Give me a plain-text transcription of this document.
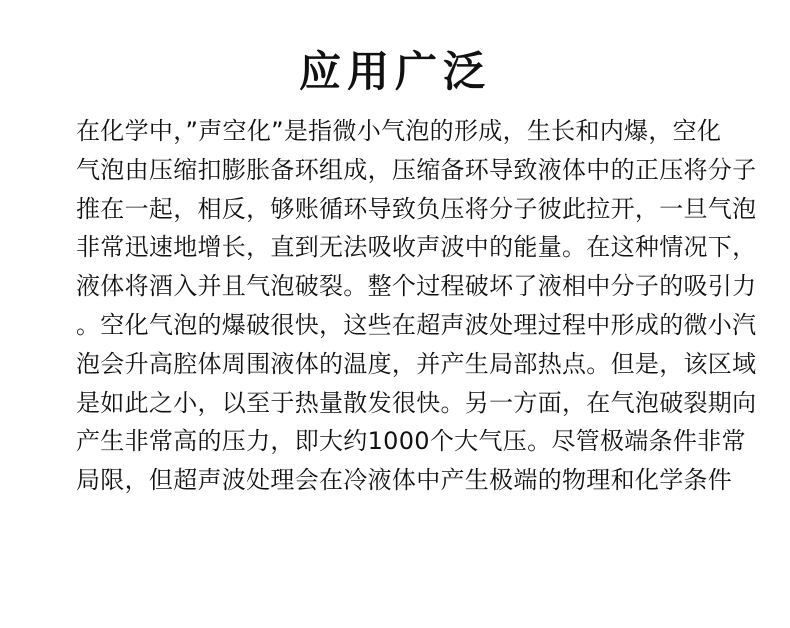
应用广泛
在化学中，”声空化”是指微小气泡的形成，生长和内爆，空化
气泡由压缩扣膨胀备环组成，压缩备环导致液体中的正压将分子
推在一起，相反，够账循环导致负压将分子彼此拉开，一旦气泡
非常迅速地增长，直到无法吸收声波中的能量。在这种情况下，
液体将酒入并且气泡破裂。整个过程破坏了液相中分子的吸引力
。空化气泡的爆破很快，这些在超声波处理过程中形成的微小汽
泡会升高腔体周围液体的温度，并产生局部热点。但是，该区域
是如此之小，以至于热量散发很快。另一方面，在气泡破裂期向
产生非常高的压力，即大约1000个大气压。尽管极端条件非常
局限，但超声波处理会在冷液体中产生极端的物理和化学条件
